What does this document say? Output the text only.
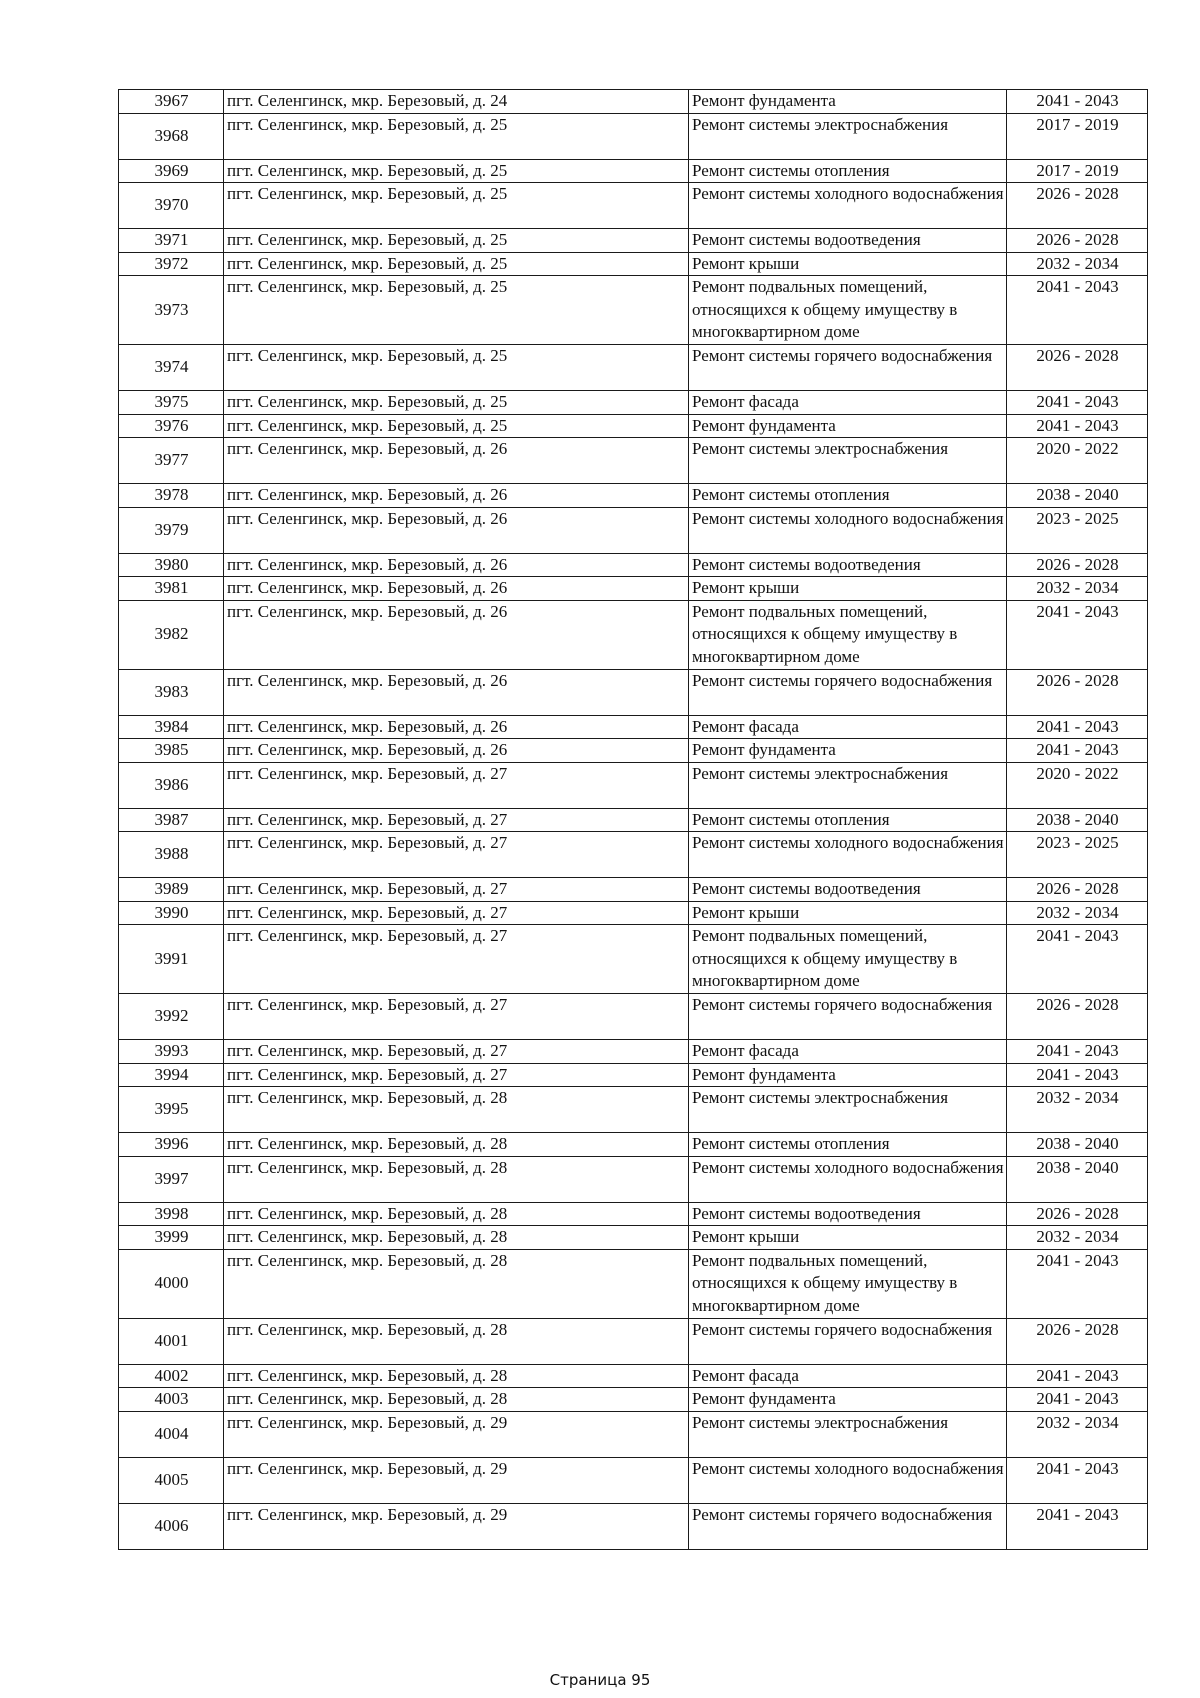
3967	пгт. Селенгинск, мкр. Березовый, д. 24	Ремонт фундамента	2041 - 2043
3968	пгт. Селенгинск, мкр. Березовый, д. 25	Ремонт системы электроснабжения	2017 - 2019
3969	пгт. Селенгинск, мкр. Березовый, д. 25	Ремонт системы отопления	2017 - 2019
3970	пгт. Селенгинск, мкр. Березовый, д. 25	Ремонт системы холодного водоснабжения	2026 - 2028
3971	пгт. Селенгинск, мкр. Березовый, д. 25	Ремонт системы водоотведения	2026 - 2028
3972	пгт. Селенгинск, мкр. Березовый, д. 25	Ремонт крыши	2032 - 2034
3973	пгт. Селенгинск, мкр. Березовый, д. 25	Ремонт подвальных помещений, относящихся к общему имуществу в многоквартирном доме	2041 - 2043
3974	пгт. Селенгинск, мкр. Березовый, д. 25	Ремонт системы горячего водоснабжения	2026 - 2028
3975	пгт. Селенгинск, мкр. Березовый, д. 25	Ремонт фасада	2041 - 2043
3976	пгт. Селенгинск, мкр. Березовый, д. 25	Ремонт фундамента	2041 - 2043
3977	пгт. Селенгинск, мкр. Березовый, д. 26	Ремонт системы электроснабжения	2020 - 2022
3978	пгт. Селенгинск, мкр. Березовый, д. 26	Ремонт системы отопления	2038 - 2040
3979	пгт. Селенгинск, мкр. Березовый, д. 26	Ремонт системы холодного водоснабжения	2023 - 2025
3980	пгт. Селенгинск, мкр. Березовый, д. 26	Ремонт системы водоотведения	2026 - 2028
3981	пгт. Селенгинск, мкр. Березовый, д. 26	Ремонт крыши	2032 - 2034
3982	пгт. Селенгинск, мкр. Березовый, д. 26	Ремонт подвальных помещений, относящихся к общему имуществу в многоквартирном доме	2041 - 2043
3983	пгт. Селенгинск, мкр. Березовый, д. 26	Ремонт системы горячего водоснабжения	2026 - 2028
3984	пгт. Селенгинск, мкр. Березовый, д. 26	Ремонт фасада	2041 - 2043
3985	пгт. Селенгинск, мкр. Березовый, д. 26	Ремонт фундамента	2041 - 2043
3986	пгт. Селенгинск, мкр. Березовый, д. 27	Ремонт системы электроснабжения	2020 - 2022
3987	пгт. Селенгинск, мкр. Березовый, д. 27	Ремонт системы отопления	2038 - 2040
3988	пгт. Селенгинск, мкр. Березовый, д. 27	Ремонт системы холодного водоснабжения	2023 - 2025
3989	пгт. Селенгинск, мкр. Березовый, д. 27	Ремонт системы водоотведения	2026 - 2028
3990	пгт. Селенгинск, мкр. Березовый, д. 27	Ремонт крыши	2032 - 2034
3991	пгт. Селенгинск, мкр. Березовый, д. 27	Ремонт подвальных помещений, относящихся к общему имуществу в многоквартирном доме	2041 - 2043
3992	пгт. Селенгинск, мкр. Березовый, д. 27	Ремонт системы горячего водоснабжения	2026 - 2028
3993	пгт. Селенгинск, мкр. Березовый, д. 27	Ремонт фасада	2041 - 2043
3994	пгт. Селенгинск, мкр. Березовый, д. 27	Ремонт фундамента	2041 - 2043
3995	пгт. Селенгинск, мкр. Березовый, д. 28	Ремонт системы электроснабжения	2032 - 2034
3996	пгт. Селенгинск, мкр. Березовый, д. 28	Ремонт системы отопления	2038 - 2040
3997	пгт. Селенгинск, мкр. Березовый, д. 28	Ремонт системы холодного водоснабжения	2038 - 2040
3998	пгт. Селенгинск, мкр. Березовый, д. 28	Ремонт системы водоотведения	2026 - 2028
3999	пгт. Селенгинск, мкр. Березовый, д. 28	Ремонт крыши	2032 - 2034
4000	пгт. Селенгинск, мкр. Березовый, д. 28	Ремонт подвальных помещений, относящихся к общему имуществу в многоквартирном доме	2041 - 2043
4001	пгт. Селенгинск, мкр. Березовый, д. 28	Ремонт системы горячего водоснабжения	2026 - 2028
4002	пгт. Селенгинск, мкр. Березовый, д. 28	Ремонт фасада	2041 - 2043
4003	пгт. Селенгинск, мкр. Березовый, д. 28	Ремонт фундамента	2041 - 2043
4004	пгт. Селенгинск, мкр. Березовый, д. 29	Ремонт системы электроснабжения	2032 - 2034
4005	пгт. Селенгинск, мкр. Березовый, д. 29	Ремонт системы холодного водоснабжения	2041 - 2043
4006	пгт. Селенгинск, мкр. Березовый, д. 29	Ремонт системы горячего водоснабжения	2041 - 2043
Страница 95
